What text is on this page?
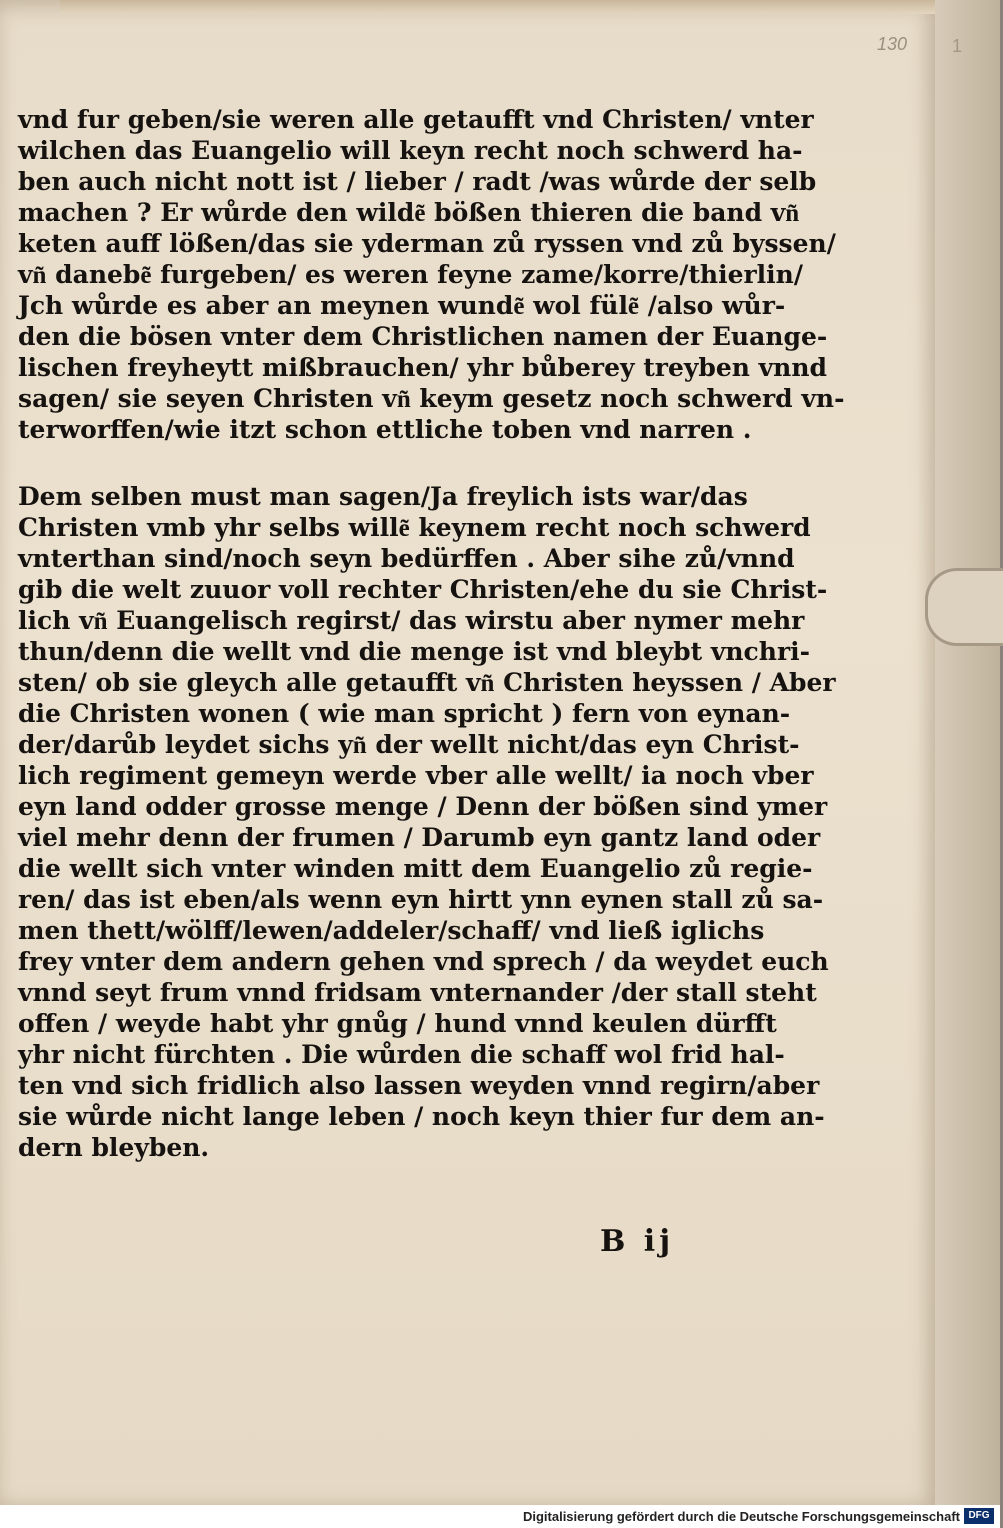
130	1
vnd fur geben/sie weren alle getaufft vnd Christen/ vnter
wilchen das Euangelio will keyn recht noch schwerd ha-
ben auch nicht nott ist / lieber / radt /was wůrde der selb
machen ? Er wůrde den wilde͂ bößen thieren die band vn͂
keten auff lößen/das sie yderman zů ryssen vnd zů byssen/
vn͂ danebe͂ furgeben/ es weren feyne zame/korre/thierlin/
Jch wůrde es aber an meynen wunde͂ wol füle͂ /also wůr-
den die bösen vnter dem Christlichen namen der Euange-
lischen freyheytt mißbrauchen/ yhr bůberey treyben vnnd
sagen/ sie seyen Christen vn͂ keym gesetz noch schwerd vn-
terworffen/wie itzt schon ettliche toben vnd narren .
Dem selben must man sagen/Ja freylich ists war/das
Christen vmb yhr selbs wille͂ keynem recht noch schwerd
vnterthan sind/noch seyn bedürffen . Aber sihe zů/vnnd
gib die welt zuuor voll rechter Christen/ehe du sie Christ-
lich vn͂ Euangelisch regirst/ das wirstu aber nymer mehr
thun/denn die wellt vnd die menge ist vnd bleybt vnchri-
sten/ ob sie gleych alle getaufft vn͂ Christen heyssen / Aber
die Christen wonen ( wie man spricht ) fern von eynan-
der/darůb leydet sichs yn͂ der wellt nicht/das eyn Christ-
lich regiment gemeyn werde vber alle wellt/ ia noch vber
eyn land odder grosse menge / Denn der bößen sind ymer
viel mehr denn der frumen / Darumb eyn gantz land oder
die wellt sich vnter winden mitt dem Euangelio zů regie-
ren/ das ist eben/als wenn eyn hirtt ynn eynen stall zů sa-
men thett/wölff/lewen/addeler/schaff/ vnd ließ iglichs
frey vnter dem andern gehen vnd sprech / da weydet euch
vnnd seyt frum vnnd fridsam vnternander /der stall steht
offen / weyde habt yhr gnůg / hund vnnd keulen dürfft
yhr nicht fürchten . Die wůrden die schaff wol frid hal-
ten vnd sich fridlich also lassen weyden vnnd regirn/aber
sie wůrde nicht lange leben / noch keyn thier fur dem an-
dern bleyben.
B ij
Digitalisierung gefördert durch die Deutsche Forschungsgemeinschaft DFG
